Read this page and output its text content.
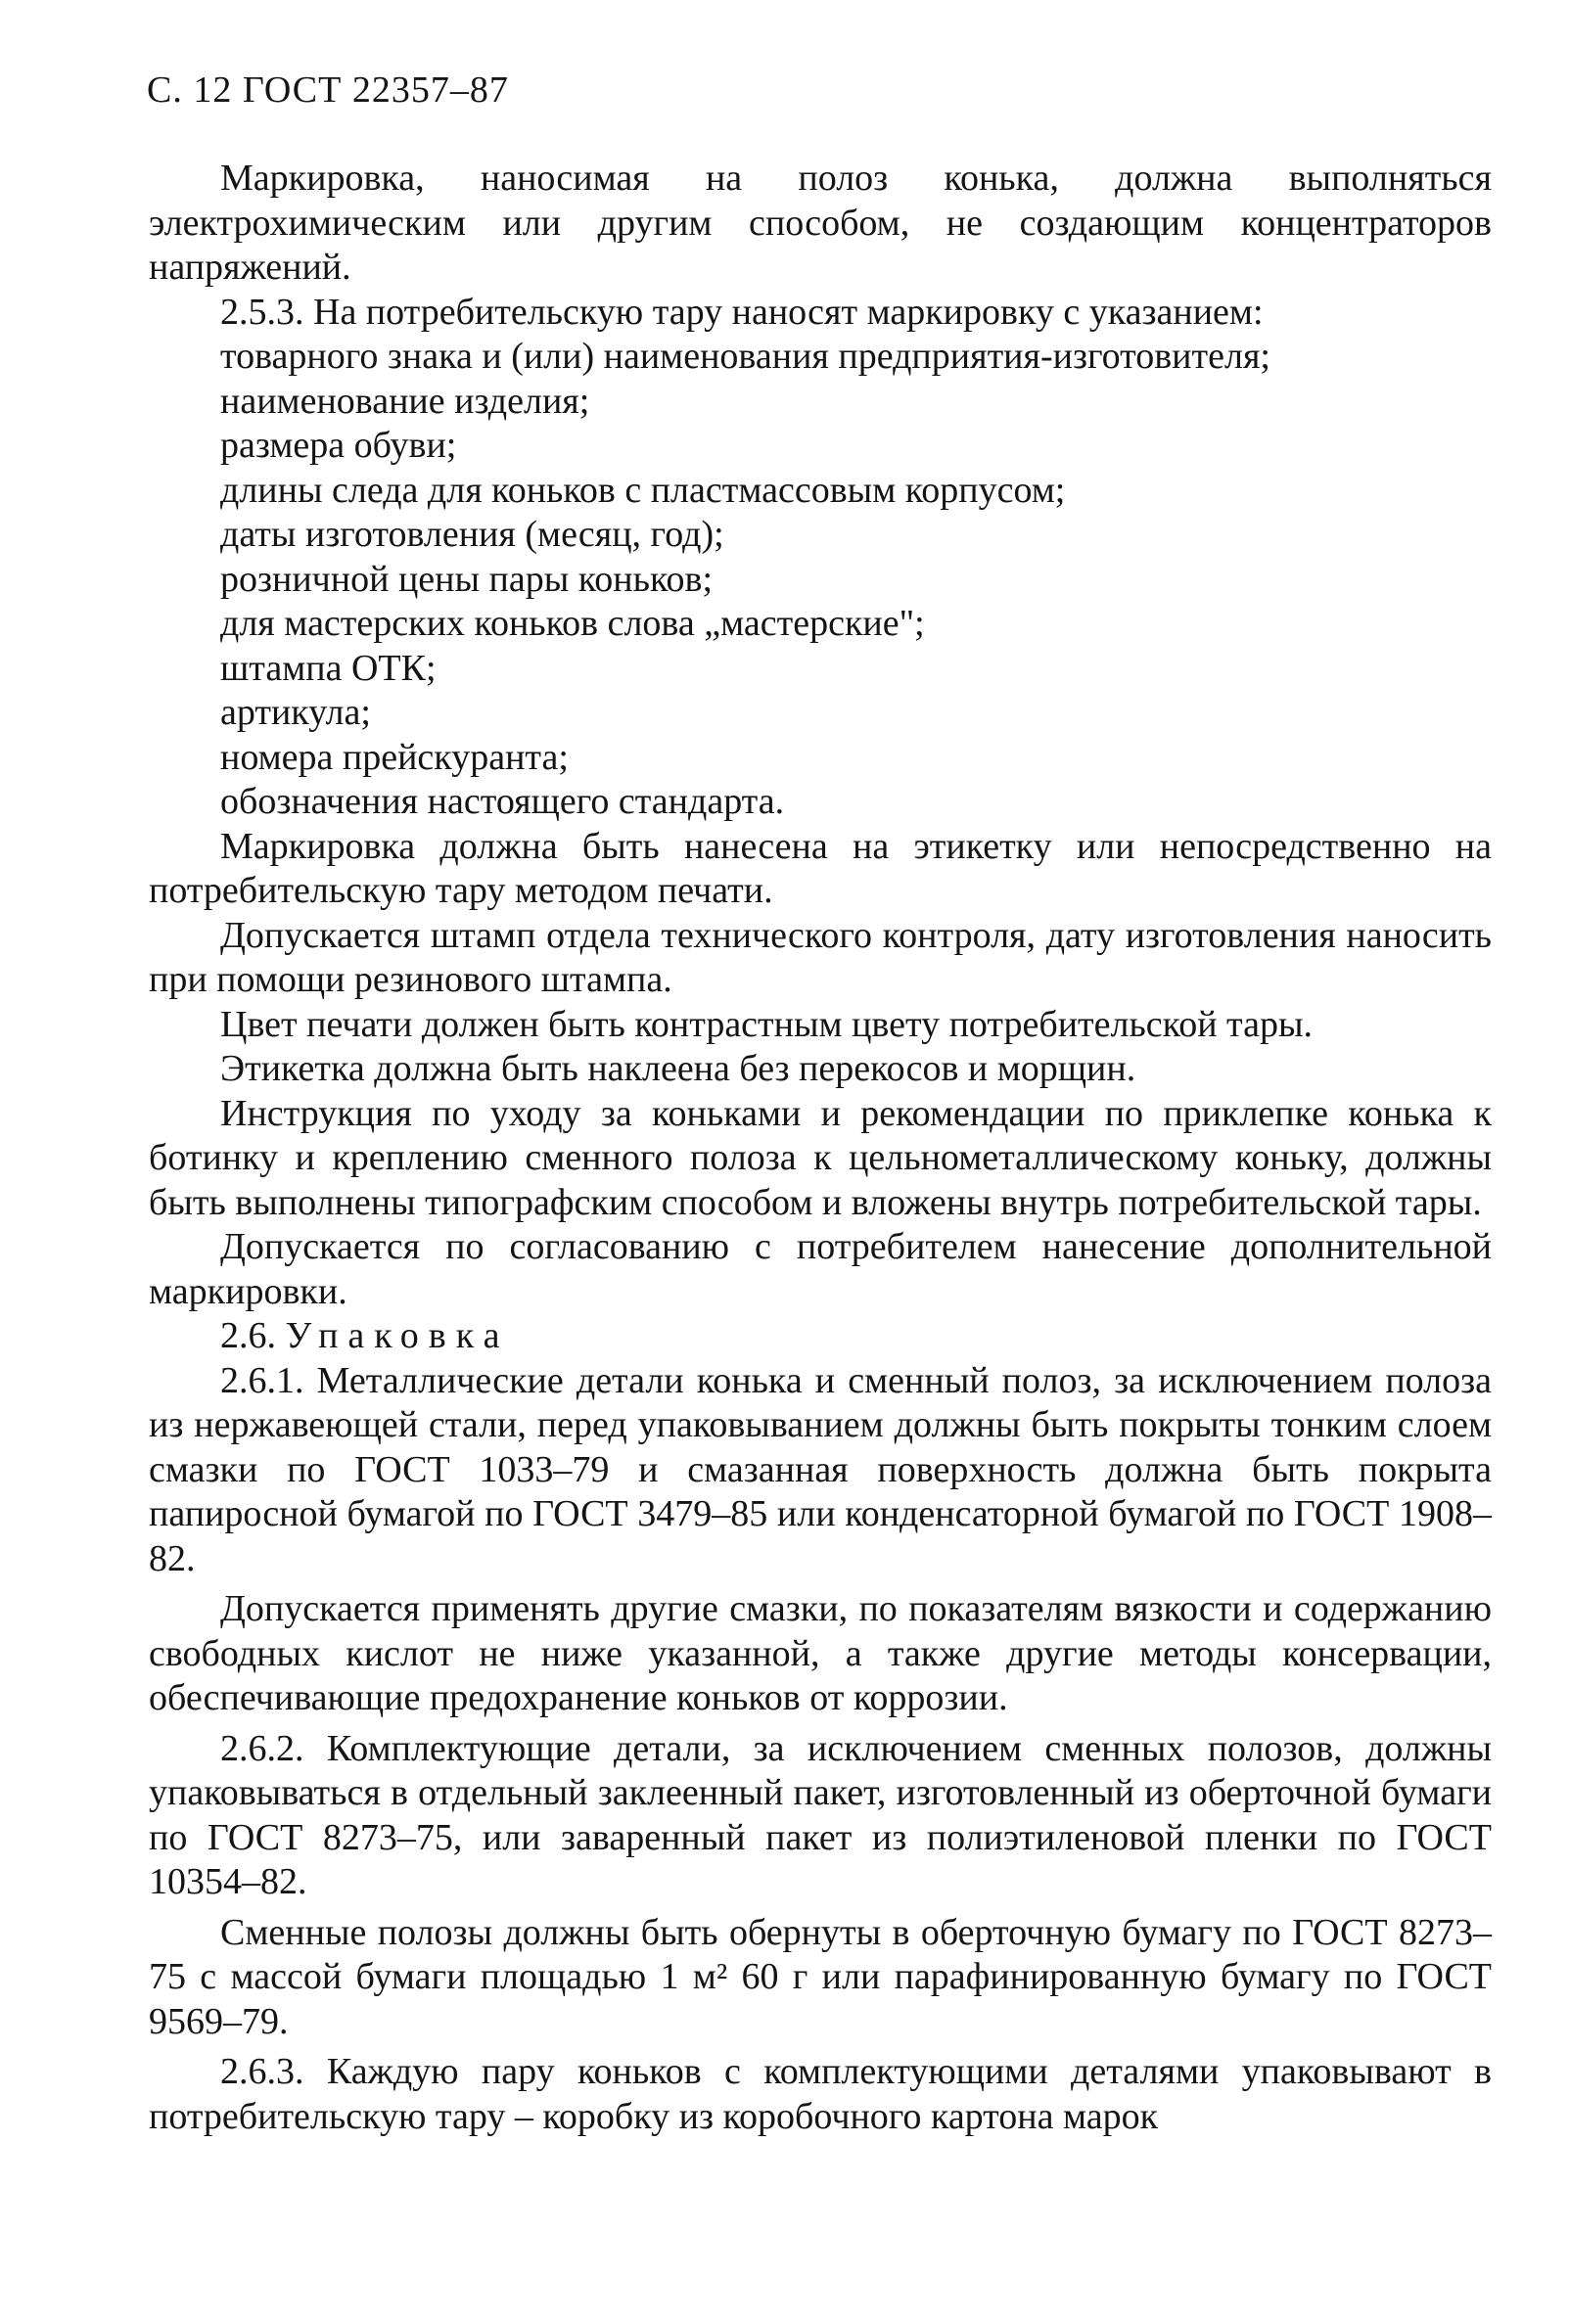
С. 12 ГОСТ 22357–87

Маркировка, наносимая на полоз конька, должна выполняться электрохимическим или другим способом, не создающим концентраторов напряжений.

2.5.3. На потребительскую тару наносят маркировку с указанием:

товарного знака и (или) наименования предприятия-изготовителя;

наименование изделия;

размера обуви;

длины следа для коньков с пластмассовым корпусом;

даты изготовления (месяц, год);

розничной цены пары коньков;

для мастерских коньков слова „мастерские";

штампа ОТК;

артикула;

номера прейскуранта;

обозначения настоящего стандарта.

Маркировка должна быть нанесена на этикетку или непосредственно на потребительскую тару методом печати.

Допускается штамп отдела технического контроля, дату изготовления наносить при помощи резинового штампа.

Цвет печати должен быть контрастным цвету потребительской тары.

Этикетка должна быть наклеена без перекосов и морщин.

Инструкция по уходу за коньками и рекомендации по приклепке конька к ботинку и креплению сменного полоза к цельнометаллическому коньку, должны быть выполнены типографским способом и вложены внутрь потребительской тары.

Допускается по согласованию с потребителем нанесение дополнительной маркировки.

2.6. Упаковка

2.6.1. Металлические детали конька и сменный полоз, за исключением полоза из нержавеющей стали, перед упаковыванием должны быть покрыты тонким слоем смазки по ГОСТ 1033–79 и смазанная поверхность должна быть покрыта папиросной бумагой по ГОСТ 3479–85 или конденсаторной бумагой по ГОСТ 1908–82.

Допускается применять другие смазки, по показателям вязкости и содержанию свободных кислот не ниже указанной, а также другие методы консервации, обеспечивающие предохранение коньков от коррозии.

2.6.2. Комплектующие детали, за исключением сменных полозов, должны упаковываться в отдельный заклеенный пакет, изготовленный из оберточной бумаги по ГОСТ 8273–75, или заваренный пакет из полиэтиленовой пленки по ГОСТ 10354–82.

Сменные полозы должны быть обернуты в оберточную бумагу по ГОСТ 8273–75 с массой бумаги площадью 1 м² 60 г или парафинированную бумагу по ГОСТ 9569–79.

2.6.3. Каждую пару коньков с комплектующими деталями упаковывают в потребительскую тару – коробку из коробочного картона марок
